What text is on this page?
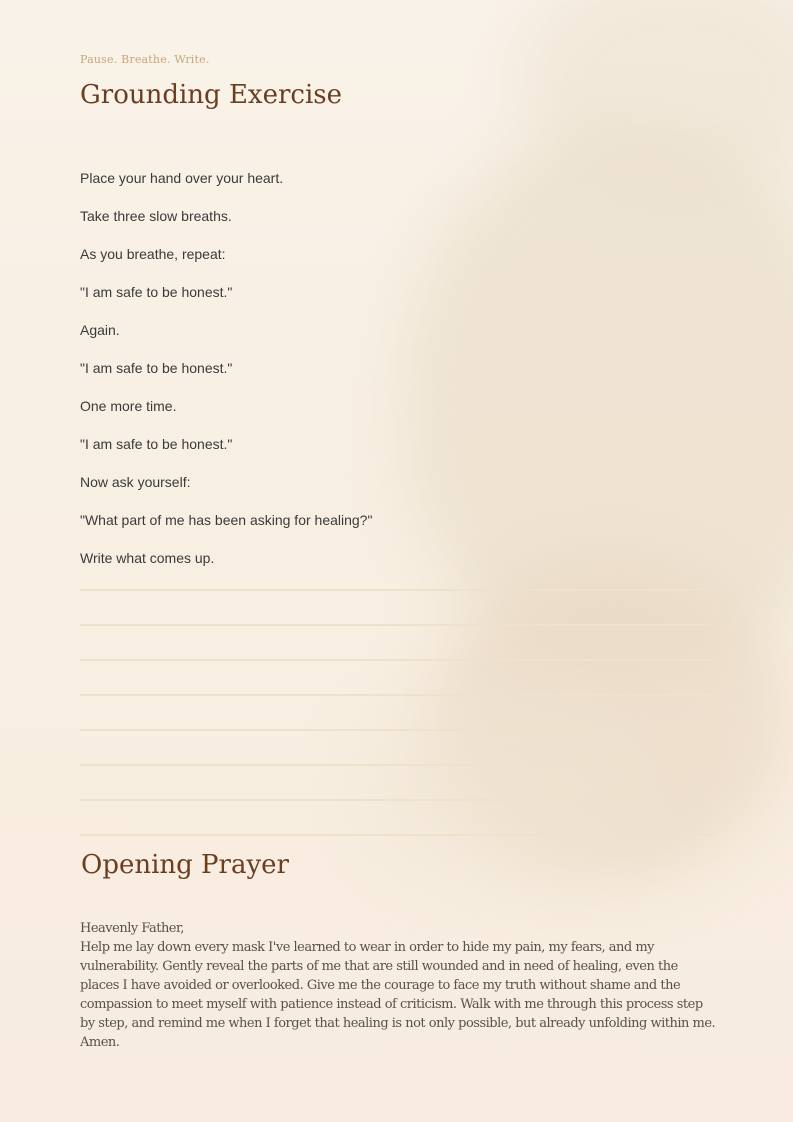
Pause. Breathe. Write.
Grounding Exercise
Place your hand over your heart.
Take three slow breaths.
As you breathe, repeat:
"I am safe to be honest."
Again.
"I am safe to be honest."
One more time.
"I am safe to be honest."
Now ask yourself:
"What part of me has been asking for healing?"
Write what comes up.
Opening Prayer

Heavenly Father,

Help me lay down every mask I've learned to wear in order to hide my pain, my fears, and my vulnerability. Gently reveal the parts of me that are still wounded and in need of healing, even the places I have avoided or overlooked. Give me the courage to face my truth without shame and the compassion to meet myself with patience instead of criticism. Walk with me through this process step by step, and remind me when I forget that healing is not only possible, but already unfolding within me.

Amen.
